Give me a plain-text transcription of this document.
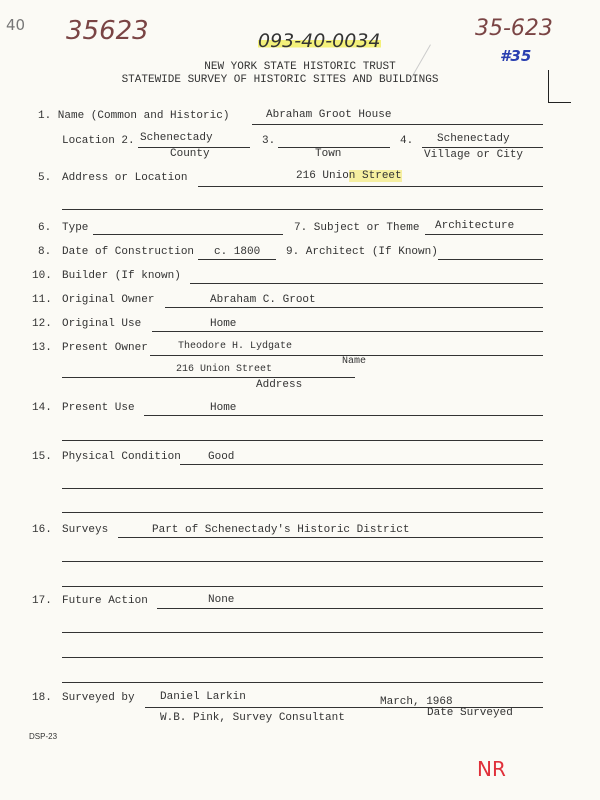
40 35623	093-40-0034	35-623
#35
NEW YORK STATE HISTORIC TRUST
STATEWIDE SURVEY OF HISTORIC SITES AND BUILDINGS
1. Name (Common and Historic)	Abraham Groot House
Location 2. Schenectady
County
3.
Town
4. Schenectady
Village or City
5. Address or Location	216 Union Street
6. Type	7. Subject or Theme Architecture
8. Date of Construction c. 1800 9. Architect (If Known)
10. Builder (If known)
11. Original Owner	Abraham C. Groot
12. Original Use	Home
13. Present Owner	Theodore H. Lydgate
Name
216 Union Street
Address
14. Present Use	Home
15. Physical Condition Good
16. Surveys	Part of Schenectady's Historic District
17. Future Action	None
18. Surveyed by Daniel Larkin	March, 1968
W.B. Pink, Survey Consultant	Date Surveyed
DSP-23
NR
